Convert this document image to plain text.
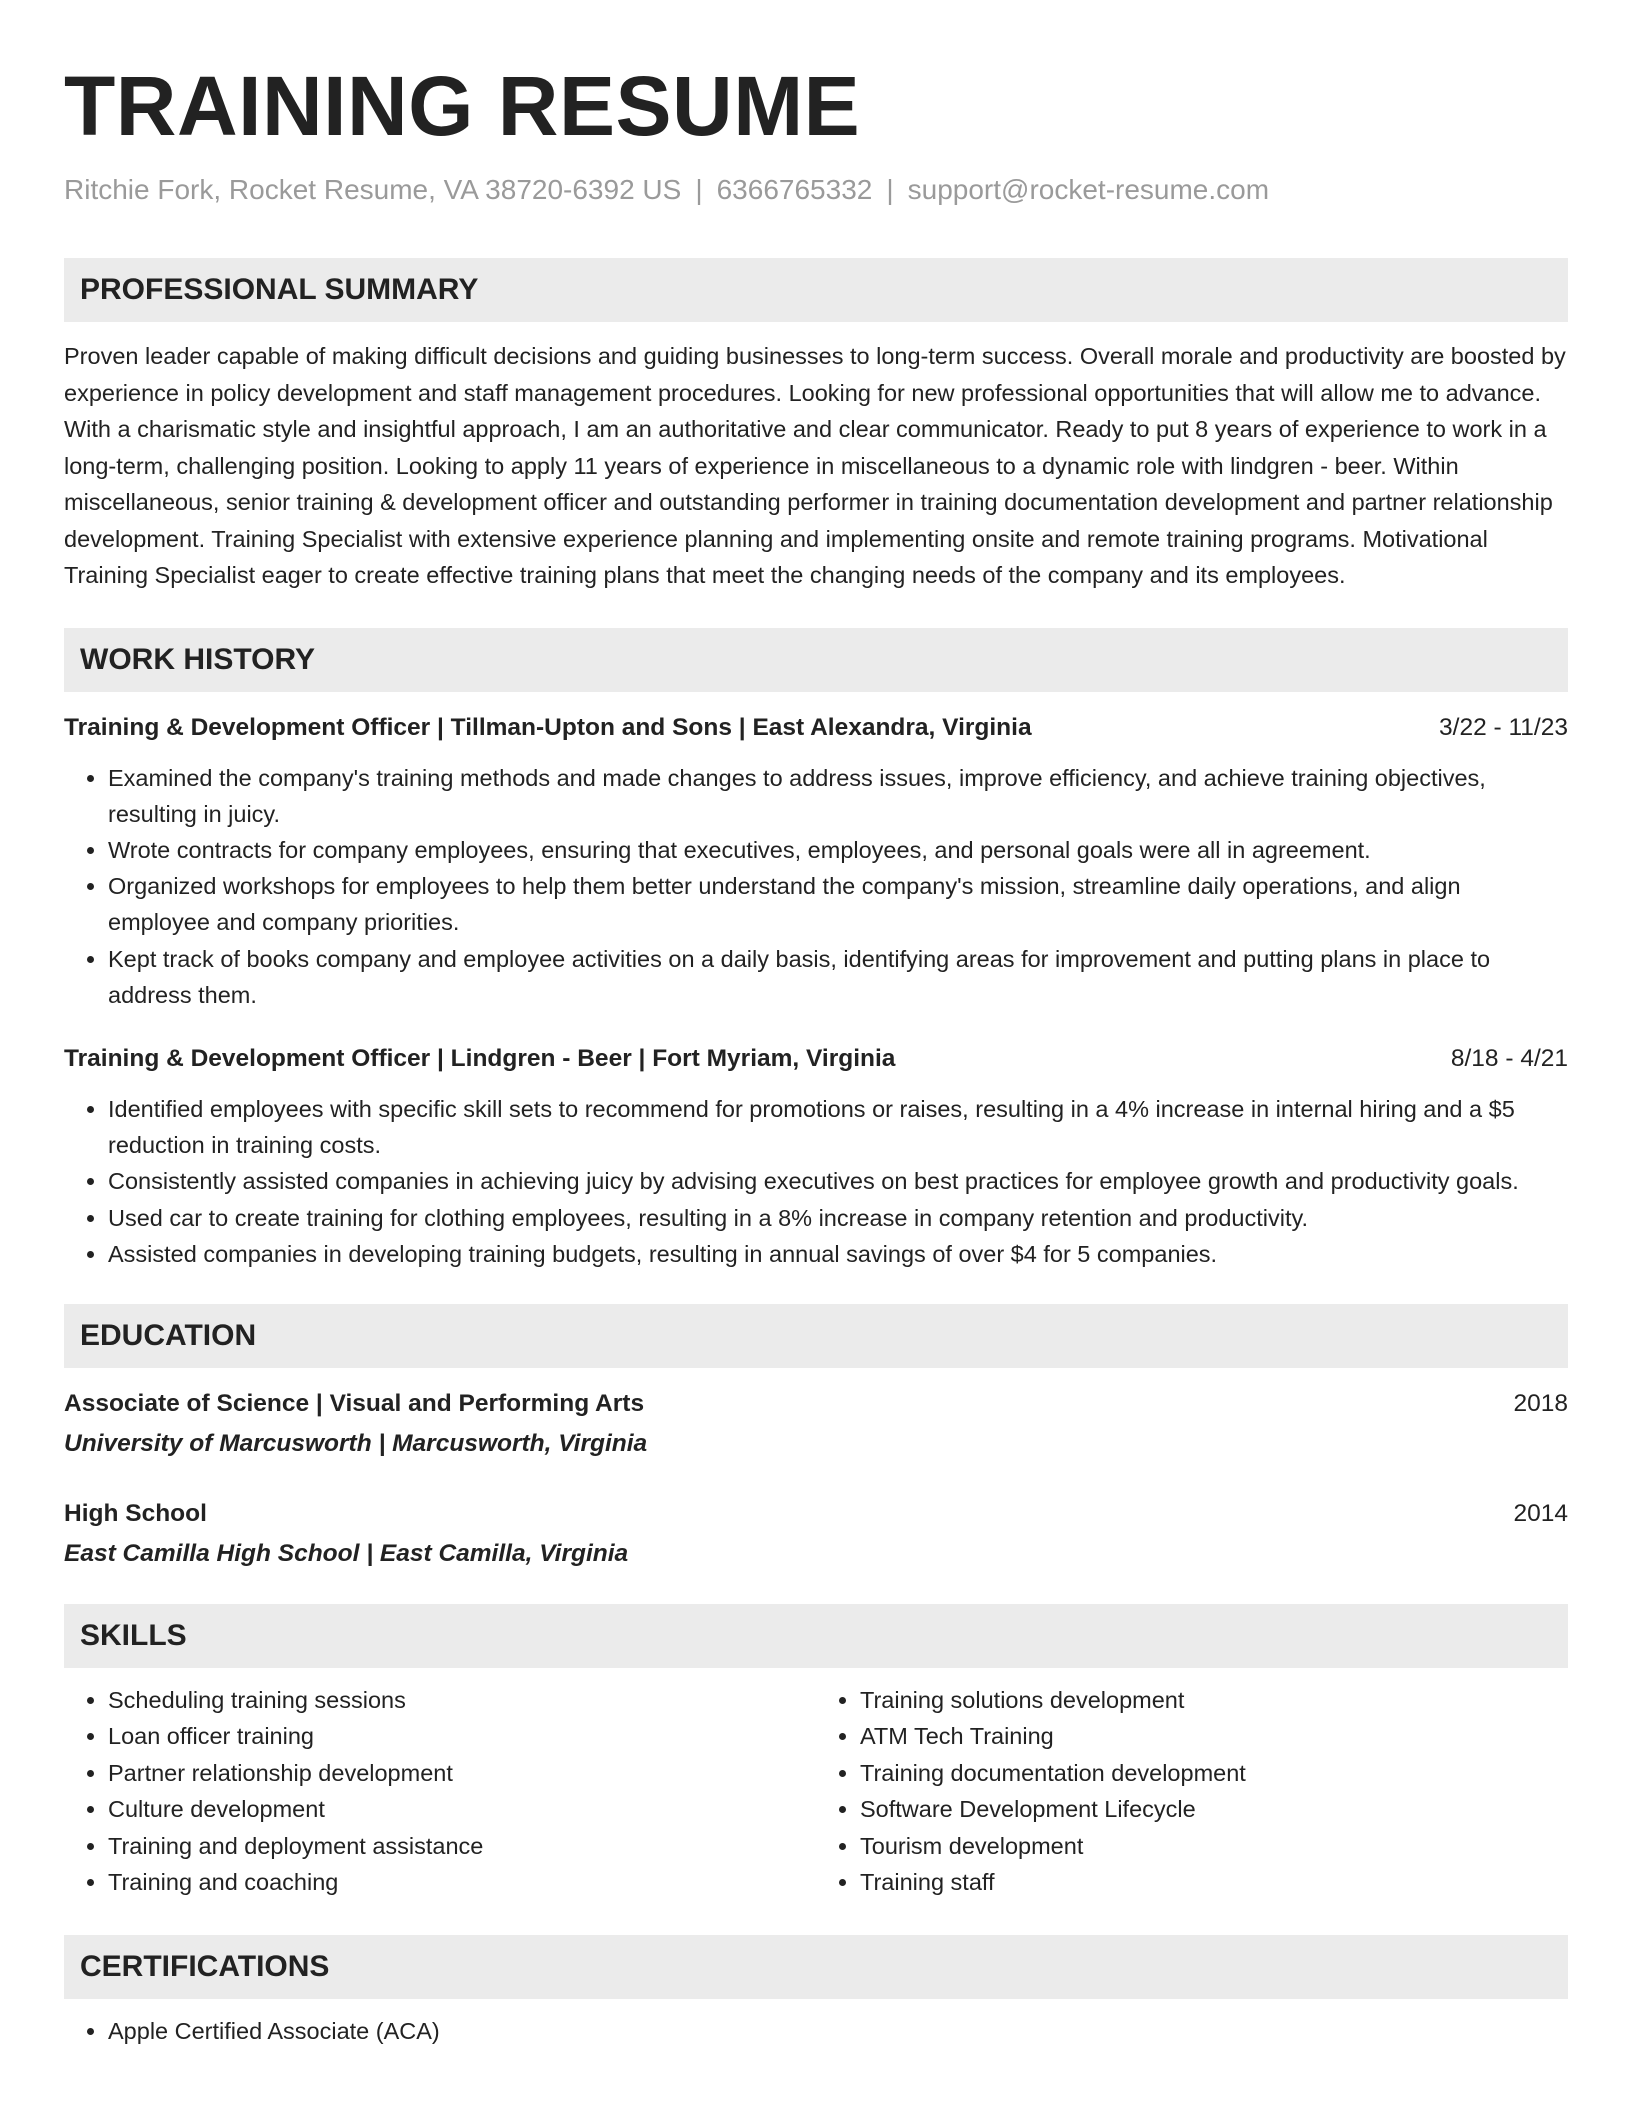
TRAINING RESUME
Ritchie Fork, Rocket Resume, VA 38720-6392 US | 6366765332 | support@rocket-resume.com
PROFESSIONAL SUMMARY

Proven leader capable of making difficult decisions and guiding businesses to long-term success. Overall morale and productivity are boosted by experience in policy development and staff management procedures. Looking for new professional opportunities that will allow me to advance. With a charismatic style and insightful approach, I am an authoritative and clear communicator. Ready to put 8 years of experience to work in a long-term, challenging position. Looking to apply 11 years of experience in miscellaneous to a dynamic role with lindgren - beer. Within miscellaneous, senior training & development officer and outstanding performer in training documentation development and partner relationship development. Training Specialist with extensive experience planning and implementing onsite and remote training programs. Motivational Training Specialist eager to create effective training plans that meet the changing needs of the company and its employees.

WORK HISTORY
Training & Development Officer | Tillman-Upton and Sons | East Alexandra, Virginia	3/22 - 11/23
• Examined the company's training methods and made changes to address issues, improve efficiency, and achieve training objectives, resulting in juicy.
• Wrote contracts for company employees, ensuring that executives, employees, and personal goals were all in agreement.
• Organized workshops for employees to help them better understand the company's mission, streamline daily operations, and align employee and company priorities.
• Kept track of books company and employee activities on a daily basis, identifying areas for improvement and putting plans in place to address them.
Training & Development Officer | Lindgren - Beer | Fort Myriam, Virginia	8/18 - 4/21
• Identified employees with specific skill sets to recommend for promotions or raises, resulting in a 4% increase in internal hiring and a $5 reduction in training costs.
• Consistently assisted companies in achieving juicy by advising executives on best practices for employee growth and productivity goals.
• Used car to create training for clothing employees, resulting in a 8% increase in company retention and productivity.
• Assisted companies in developing training budgets, resulting in annual savings of over $4 for 5 companies.
EDUCATION
Associate of Science | Visual and Performing Arts	2018
University of Marcusworth | Marcusworth, Virginia
High School	2014
East Camilla High School | East Camilla, Virginia
SKILLS
• Scheduling training sessions
• Loan officer training
• Partner relationship development
• Culture development
• Training and deployment assistance
• Training and coaching
• Training solutions development
• ATM Tech Training
• Training documentation development
• Software Development Lifecycle
• Tourism development
• Training staff
CERTIFICATIONS
• Apple Certified Associate (ACA)
